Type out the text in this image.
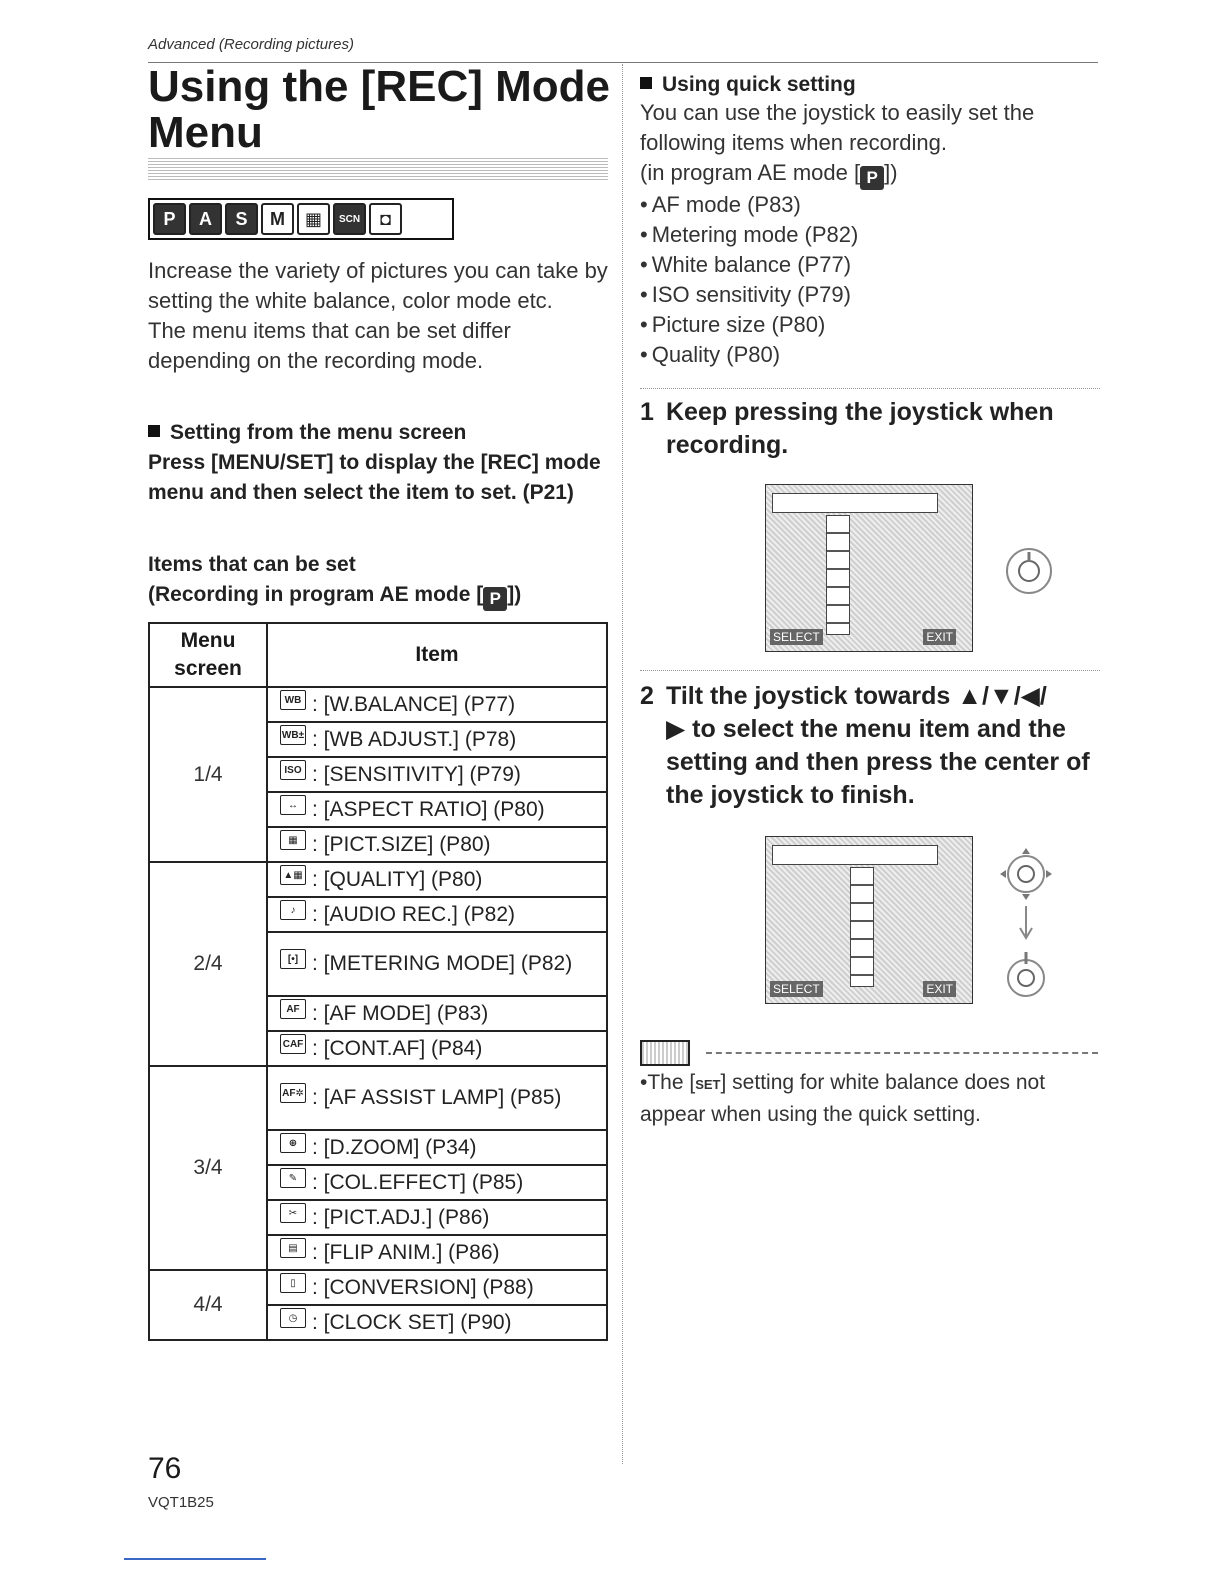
Advanced (Recording pictures)
Using the [REC] Mode
Menu
P	A	S	M	▦	SCN	◘

Increase the variety of pictures you can take by setting the white balance, color mode etc.

The menu items that can be set differ depending on the recording mode.

Setting from the menu screen
Press [MENU/SET] to display the [REC] mode menu and then select the item to set. (P21)
Items that can be set
(Recording in program AE mode [ P ])
Menu
screen	Item
1/4	WB : [W.BALANCE] (P77)

	WB± : [WB ADJUST.] (P78)

	ISO : [SENSITIVITY] (P79)

	↔ : [ASPECT RATIO] (P80)

	▦ : [PICT.SIZE] (P80)

2/4	▲▦ : [QUALITY] (P80)

	♪ : [AUDIO REC.] (P82)

	[•] : [METERING MODE] (P82)

	AF : [AF MODE] (P83)

	CAF : [CONT.AF] (P84)

3/4	AF✲ : [AF ASSIST LAMP] (P85)

	⊕ : [D.ZOOM] (P34)

	✎ : [COL.EFFECT] (P85)

	✂ : [PICT.ADJ.] (P86)

	▤ : [FLIP ANIM.] (P86)

4/4	▯ : [CONVERSION] (P88)

	◷ : [CLOCK SET] (P90)
Using quick setting

You can use the joystick to easily set the following items when recording.

(in program AE mode [ P ])

• AF mode (P83)
• Metering mode (P82)
• White balance (P77)
• ISO sensitivity (P79)
• Picture size (P80)
• Quality (P80)
1 Keep pressing the joystick when
recording.
SELECT	EXIT
2 Tilt the joystick towards ▲/▼/◀/
▶ to select the menu item and the setting and then press the center of the joystick to finish.
SELECT	EXIT
•The [SET] setting for white balance does not appear when using the quick setting.
76
VQT1B25
